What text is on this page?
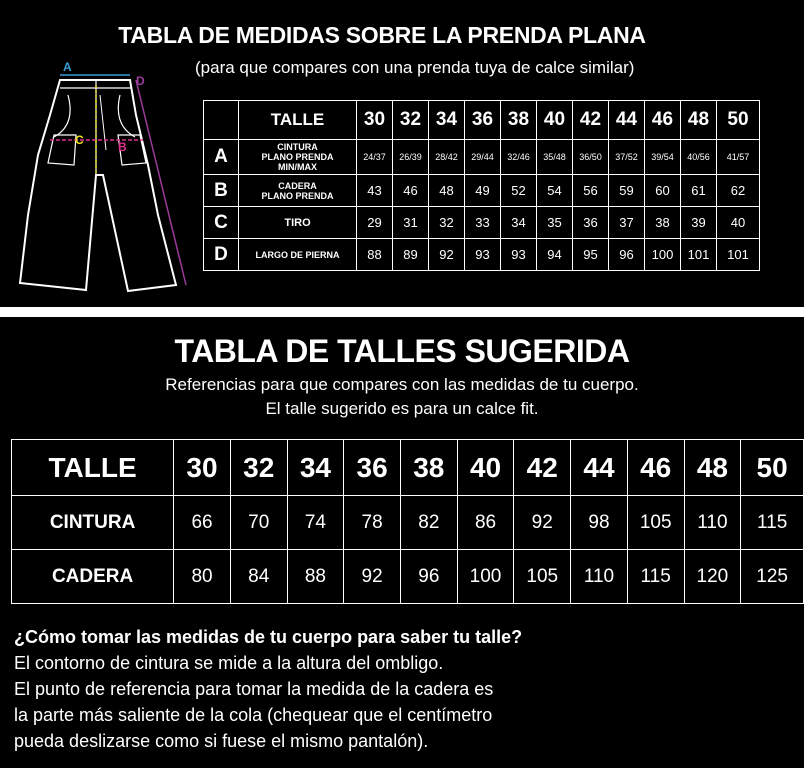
TABLA DE MEDIDAS SOBRE LA PRENDA PLANA
(para que compares con una prenda tuya de calce similar)
A
B
C
D
	TALLE	30	32	34	36	38	40	42	44	46	48	50
A	CINTURA
PLANO PRENDA
MIN/MAX	24/37	26/39	28/42	29/44	32/46	35/48	36/50	37/52	39/54	40/56	41/57
B	CADERA
PLANO PRENDA	43	46	48	49	52	54	56	59	60	61	62
C	TIRO	29	31	32	33	34	35	36	37	38	39	40
D	LARGO DE PIERNA	88	89	92	93	93	94	95	96	100	101	101
TABLA DE TALLES SUGERIDA
Referencias para que compares con las medidas de tu cuerpo.
El talle sugerido es para un calce fit.
TALLE	30	32	34	36	38	40	42	44	46	48	50
CINTURA	66	70	74	78	82	86	92	98	105	110	115
CADERA	80	84	88	92	96	100	105	110	115	120	125
¿Cómo tomar las medidas de tu cuerpo para saber tu talle?
El contorno de cintura se mide a la altura del ombligo.
El punto de referencia para tomar la medida de la cadera es
la parte más saliente de la cola (chequear que el centímetro
pueda deslizarse como si fuese el mismo pantalón).
